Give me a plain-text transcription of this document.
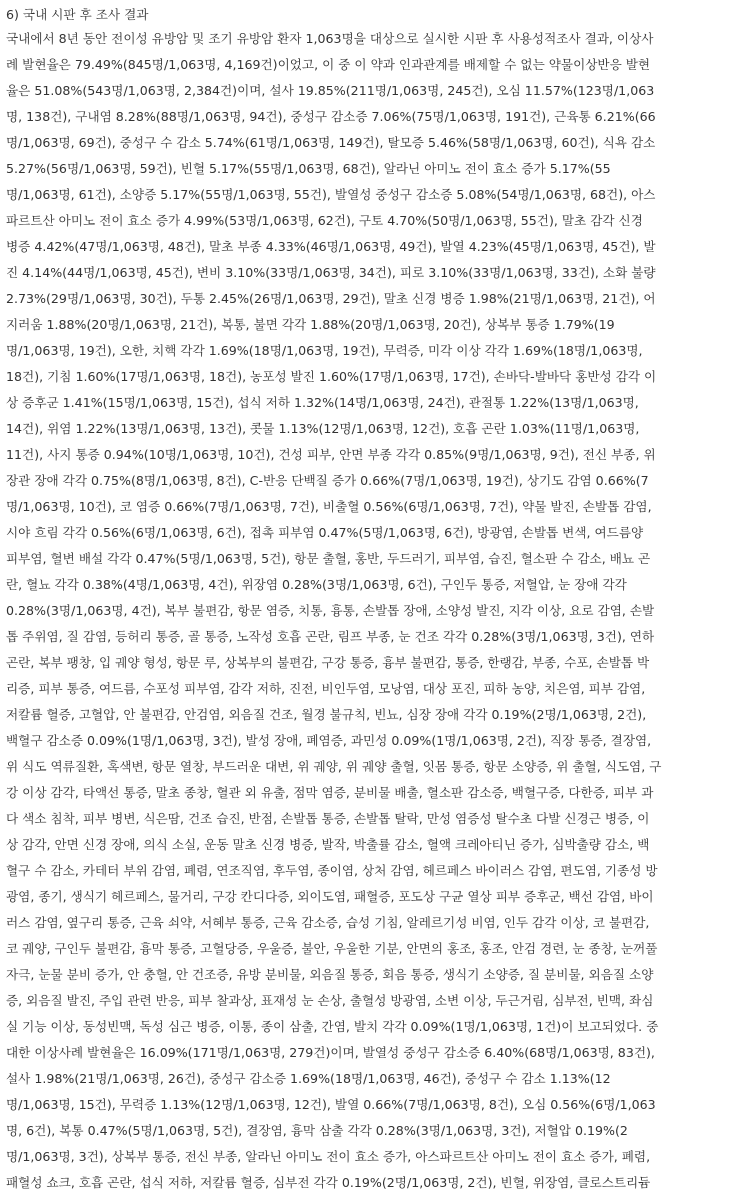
6) 국내 시판 후 조사 결과
국내에서 8년 동안 전이성 유방암 및 조기 유방암 환자 1,063명을 대상으로 실시한 시판 후 사용성적조사 결과, 이상사
례 발현율은 79.49%(845명/1,063명, 4,169건)이었고, 이 중 이 약과 인과관계를 배제할 수 없는 약물이상반응 발현
율은 51.08%(543명/1,063명, 2,384건)이며, 설사 19.85%(211명/1,063명, 245건), 오심 11.57%(123명/1,063
명, 138건), 구내염 8.28%(88명/1,063명, 94건), 중성구 감소증 7.06%(75명/1,063명, 191건), 근육통 6.21%(66
명/1,063명, 69건), 중성구 수 감소 5.74%(61명/1,063명, 149건), 탈모증 5.46%(58명/1,063명, 60건), 식욕 감소
5.27%(56명/1,063명, 59건), 빈혈 5.17%(55명/1,063명, 68건), 알라닌 아미노 전이 효소 증가 5.17%(55
명/1,063명, 61건), 소양증 5.17%(55명/1,063명, 55건), 발열성 중성구 감소증 5.08%(54명/1,063명, 68건), 아스
파르트산 아미노 전이 효소 증가 4.99%(53명/1,063명, 62건), 구토 4.70%(50명/1,063명, 55건), 말초 감각 신경
병증 4.42%(47명/1,063명, 48건), 말초 부종 4.33%(46명/1,063명, 49건), 발열 4.23%(45명/1,063명, 45건), 발
진 4.14%(44명/1,063명, 45건), 변비 3.10%(33명/1,063명, 34건), 피로 3.10%(33명/1,063명, 33건), 소화 불량
2.73%(29명/1,063명, 30건), 두통 2.45%(26명/1,063명, 29건), 말초 신경 병증 1.98%(21명/1,063명, 21건), 어
지러움 1.88%(20명/1,063명, 21건), 복통, 불면 각각 1.88%(20명/1,063명, 20건), 상복부 통증 1.79%(19
명/1,063명, 19건), 오한, 치핵 각각 1.69%(18명/1,063명, 19건), 무력증, 미각 이상 각각 1.69%(18명/1,063명,
18건), 기침 1.60%(17명/1,063명, 18건), 농포성 발진 1.60%(17명/1,063명, 17건), 손바닥-발바닥 홍반성 감각 이
상 증후군 1.41%(15명/1,063명, 15건), 섭식 저하 1.32%(14명/1,063명, 24건), 관절통 1.22%(13명/1,063명,
14건), 위염 1.22%(13명/1,063명, 13건), 콧물 1.13%(12명/1,063명, 12건), 호흡 곤란 1.03%(11명/1,063명,
11건), 사지 통증 0.94%(10명/1,063명, 10건), 건성 피부, 안면 부종 각각 0.85%(9명/1,063명, 9건), 전신 부종, 위
장관 장애 각각 0.75%(8명/1,063명, 8건), C-반응 단백질 증가 0.66%(7명/1,063명, 19건), 상기도 감염 0.66%(7
명/1,063명, 10건), 코 염증 0.66%(7명/1,063명, 7건), 비출혈 0.56%(6명/1,063명, 7건), 약물 발진, 손발톱 감염,
시야 흐림 각각 0.56%(6명/1,063명, 6건), 접촉 피부염 0.47%(5명/1,063명, 6건), 방광염, 손발톱 변색, 여드름양
피부염, 혈변 배설 각각 0.47%(5명/1,063명, 5건), 항문 출혈, 홍반, 두드러기, 피부염, 습진, 혈소판 수 감소, 배뇨 곤
란, 혈뇨 각각 0.38%(4명/1,063명, 4건), 위장염 0.28%(3명/1,063명, 6건), 구인두 통증, 저혈압, 눈 장애 각각
0.28%(3명/1,063명, 4건), 복부 불편감, 항문 염증, 치통, 흉통, 손발톱 장애, 소양성 발진, 지각 이상, 요로 감염, 손발
톱 주위염, 질 감염, 등허리 통증, 골 통증, 노작성 호흡 곤란, 림프 부종, 눈 건조 각각 0.28%(3명/1,063명, 3건), 연하
곤란, 복부 팽창, 입 궤양 형성, 항문 루, 상복부의 불편감, 구강 통증, 흉부 불편감, 통증, 한랭감, 부종, 수포, 손발톱 박
리증, 피부 통증, 여드름, 수포성 피부염, 감각 저하, 진전, 비인두염, 모낭염, 대상 포진, 피하 농양, 치은염, 피부 감염,
저칼륨 혈증, 고혈압, 안 불편감, 안검염, 외음질 건조, 월경 불규칙, 빈뇨, 심장 장애 각각 0.19%(2명/1,063명, 2건),
백혈구 감소증 0.09%(1명/1,063명, 3건), 발성 장애, 폐염증, 과민성 0.09%(1명/1,063명, 2건), 직장 통증, 결장염,
위 식도 역류질환, 혹색변, 항문 열창, 부드러운 대변, 위 궤양, 위 궤양 출혈, 잇몸 통증, 항문 소양증, 위 출혈, 식도염, 구
강 이상 감각, 타액선 통증, 말초 종창, 혈관 외 유출, 점막 염증, 분비물 배출, 혈소판 감소증, 백혈구증, 다한증, 피부 과
다 색소 침착, 피부 병변, 식은땀, 건조 습진, 반점, 손발톱 통증, 손발톱 탈락, 만성 염증성 탈수초 다발 신경근 병증, 이
상 감각, 안면 신경 장애, 의식 소실, 운동 말초 신경 병증, 발작, 박출률 감소, 혈액 크레아티닌 증가, 심박출량 감소, 백
혈구 수 감소, 카테터 부위 감염, 폐렴, 연조직염, 후두염, 종이염, 상처 감염, 헤르페스 바이러스 감염, 편도염, 기종성 방
광염, 종기, 생식기 헤르페스, 물거리, 구강 칸디다증, 외이도염, 패혈증, 포도상 구균 열상 피부 증후군, 백선 감염, 바이
러스 감염, 옆구리 통증, 근육 쇠약, 서혜부 통증, 근육 감소증, 습성 기침, 알레르기성 비염, 인두 감각 이상, 코 불편감,
코 궤양, 구인두 불편감, 흉막 통증, 고혈당증, 우울증, 불안, 우울한 기분, 안면의 홍조, 홍조, 안검 경련, 눈 종창, 눈꺼풀
자극, 눈물 분비 증가, 안 충혈, 안 건조증, 유방 분비물, 외음질 통증, 회음 통증, 생식기 소양증, 질 분비물, 외음질 소양
증, 외음질 발진, 주입 관련 반응, 피부 찰과상, 표재성 눈 손상, 출혈성 방광염, 소변 이상, 두근거림, 심부전, 빈맥, 좌심
실 기능 이상, 동성빈맥, 독성 심근 병증, 이통, 종이 삼출, 간염, 발치 각각 0.09%(1명/1,063명, 1건)이 보고되었다. 중
대한 이상사례 발현율은 16.09%(171명/1,063명, 279건)이며, 발열성 중성구 감소증 6.40%(68명/1,063명, 83건),
설사 1.98%(21명/1,063명, 26건), 중성구 감소증 1.69%(18명/1,063명, 46건), 중성구 수 감소 1.13%(12
명/1,063명, 15건), 무력증 1.13%(12명/1,063명, 12건), 발열 0.66%(7명/1,063명, 8건), 오심 0.56%(6명/1,063
명, 6건), 복통 0.47%(5명/1,063명, 5건), 결장염, 흉막 삼출 각각 0.28%(3명/1,063명, 3건), 저혈압 0.19%(2
명/1,063명, 3건), 상복부 통증, 전신 부종, 알라닌 아미노 전이 효소 증가, 아스파르트산 아미노 전이 효소 증가, 폐렴,
패혈성 쇼크, 호흡 곤란, 섭식 저하, 저칼륨 혈증, 심부전 각각 0.19%(2명/1,063명, 2건), 빈혈, 위장염, 클로스트리듐
